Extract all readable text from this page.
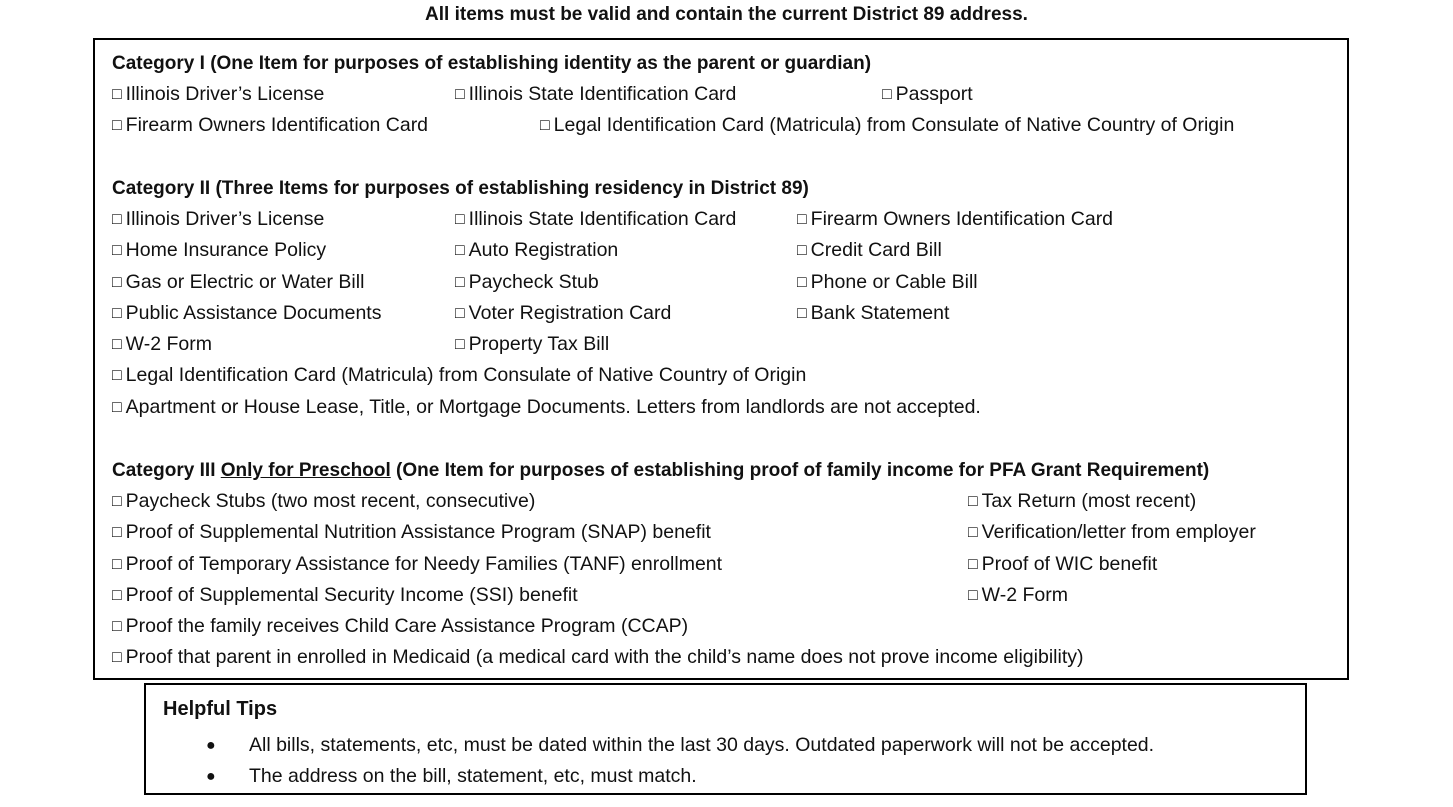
All items must be valid and contain the current District 89 address.
Category I (One Item for purposes of establishing identity as the parent or guardian)
□ Illinois Driver’s License	□ Illinois State Identification Card	□ Passport
□ Firearm Owners Identification Card	□ Legal Identification Card (Matricula) from Consulate of Native Country of Origin
Category II (Three Items for purposes of establishing residency in District 89)
□ Illinois Driver’s License	□ Illinois State Identification Card	□ Firearm Owners Identification Card
□ Home Insurance Policy	□ Auto Registration	□ Credit Card Bill
□ Gas or Electric or Water Bill	□ Paycheck Stub	□ Phone or Cable Bill
□ Public Assistance Documents	□ Voter Registration Card	□ Bank Statement
□ W-2 Form	□ Property Tax Bill
□ Legal Identification Card (Matricula) from Consulate of Native Country of Origin
□ Apartment or House Lease, Title, or Mortgage Documents. Letters from landlords are not accepted.
Category III Only for Preschool (One Item for purposes of establishing proof of family income for PFA Grant Requirement)
□ Paycheck Stubs (two most recent, consecutive)	□ Tax Return (most recent)
□ Proof of Supplemental Nutrition Assistance Program (SNAP) benefit	□ Verification/letter from employer
□ Proof of Temporary Assistance for Needy Families (TANF) enrollment	□ Proof of WIC benefit
□ Proof of Supplemental Security Income (SSI) benefit	□ W-2 Form
□ Proof the family receives Child Care Assistance Program (CCAP)
□ Proof that parent in enrolled in Medicaid (a medical card with the child’s name does not prove income eligibility)
Helpful Tips
● All bills, statements, etc, must be dated within the last 30 days. Outdated paperwork will not be accepted.
● The address on the bill, statement, etc, must match.
